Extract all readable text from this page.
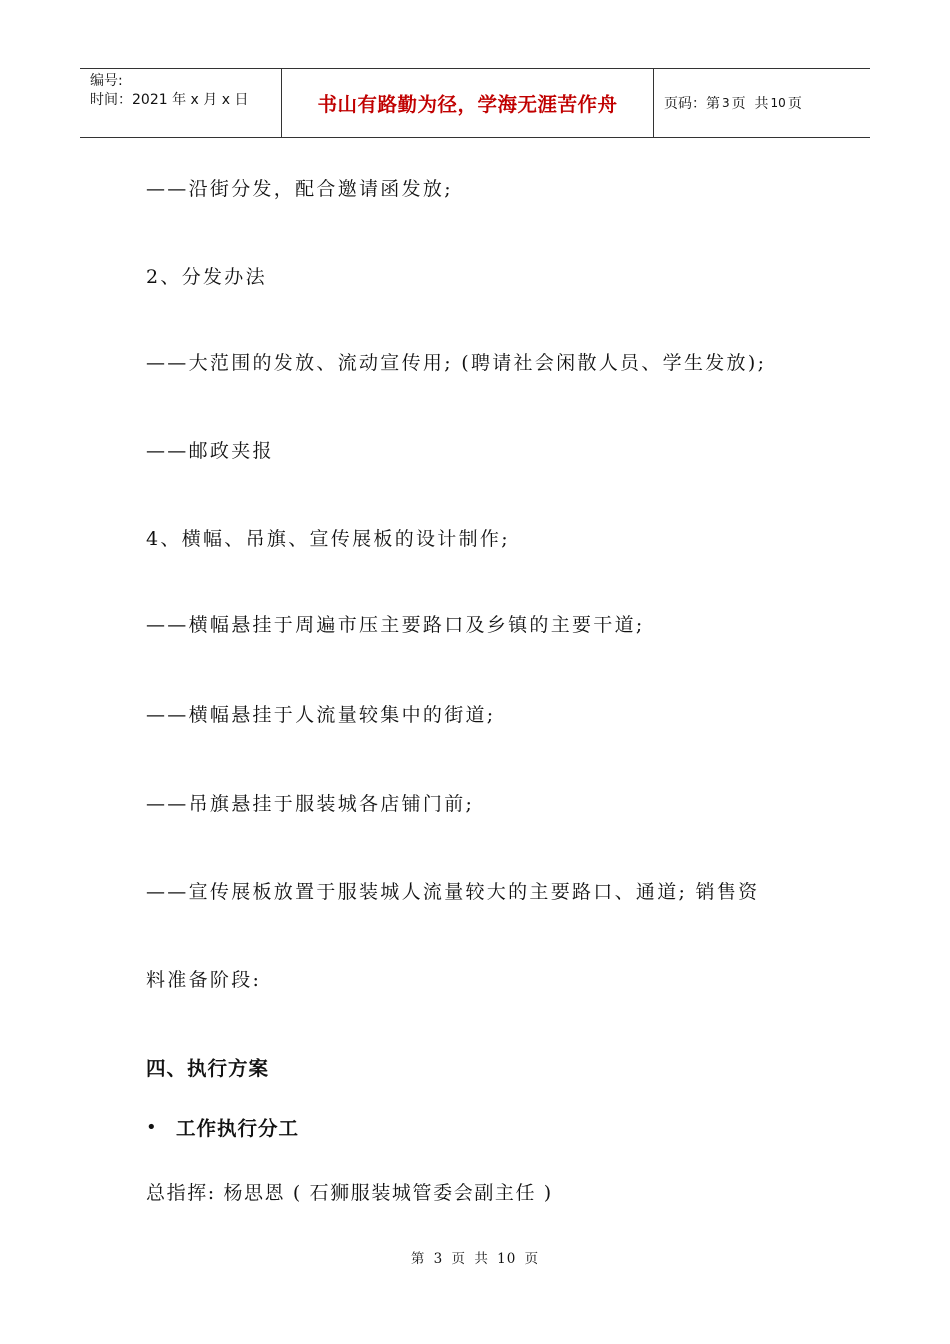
编号:
时间：2021 年 x 月 x 日	书山有路勤为径，学海无涯苦作舟	页码：第 3 页  共 10 页
——沿街分发，配合邀请函发放;
2、分发办法
——大范围的发放、流动宣传用; (聘请社会闲散人员、学生发放);
——邮政夹报
4、横幅、吊旗、宣传展板的设计制作;
——横幅悬挂于周遍市压主要路口及乡镇的主要干道;
——横幅悬挂于人流量较集中的街道;
——吊旗悬挂于服装城各店铺门前;
——宣传展板放置于服装城人流量较大的主要路口、通道; 销售资
料准备阶段:
四、执行方案
• 工作执行分工
总指挥: 杨思恩 ( 石狮服装城管委会副主任 )
第 3 页 共 10 页
